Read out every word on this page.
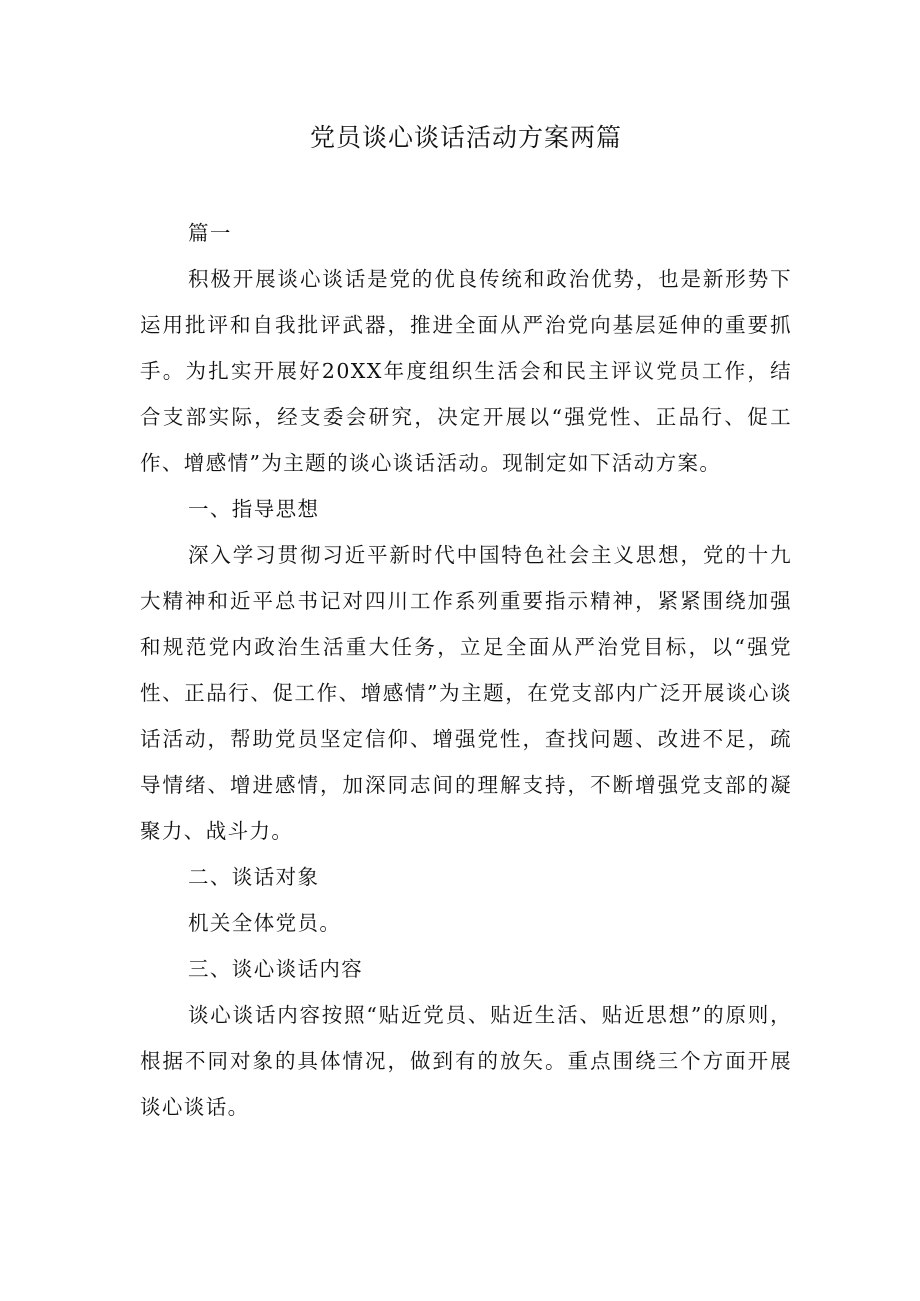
党员谈心谈话活动方案两篇

篇一

积极开展谈心谈话是党的优良传统和政治优势，也是新形势下运用批评和自我批评武器，推进全面从严治党向基层延伸的重要抓手。为扎实开展好20XX年度组织生活会和民主评议党员工作，结合支部实际，经支委会研究，决定开展以“强党性、正品行、促工作、增感情”为主题的谈心谈话活动。现制定如下活动方案。

一、指导思想

深入学习贯彻习近平新时代中国特色社会主义思想，党的十九大精神和近平总书记对四川工作系列重要指示精神，紧紧围绕加强和规范党内政治生活重大任务，立足全面从严治党目标，以“强党性、正品行、促工作、增感情”为主题，在党支部内广泛开展谈心谈话活动，帮助党员坚定信仰、增强党性，查找问题、改进不足，疏导情绪、增进感情，加深同志间的理解支持，不断增强党支部的凝聚力、战斗力。

二、谈话对象

机关全体党员。

三、谈心谈话内容

谈心谈话内容按照“贴近党员、贴近生活、贴近思想”的原则，根据不同对象的具体情况，做到有的放矢。重点围绕三个方面开展谈心谈话。
